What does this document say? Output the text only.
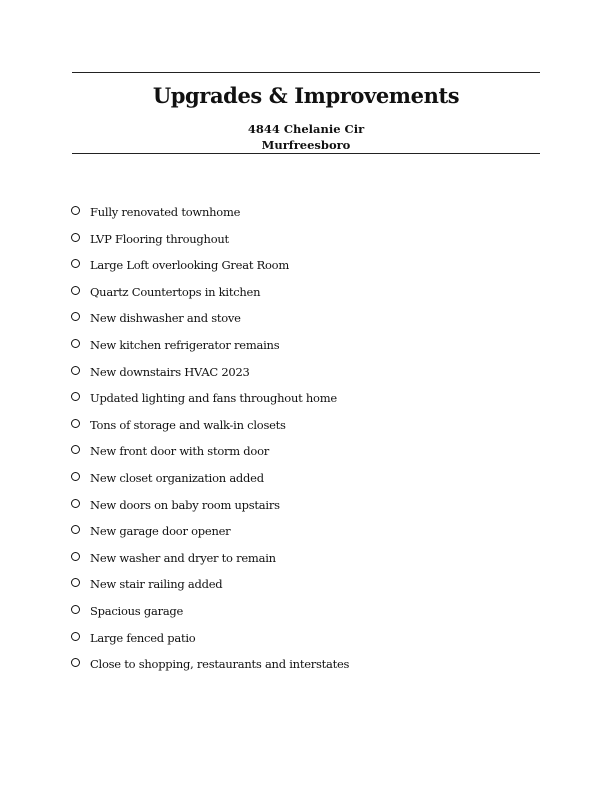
Upgrades & Improvements

4844 Chelanie Cir

Murfreesboro

Fully renovated townhome
LVP Flooring throughout
Large Loft overlooking Great Room
Quartz Countertops in kitchen
New dishwasher and stove
New kitchen refrigerator remains
New downstairs HVAC 2023
Updated lighting and fans throughout home
Tons of storage and walk-in closets
New front door with storm door
New closet organization added
New doors on baby room upstairs
New garage door opener
New washer and dryer to remain
New stair railing added
Spacious garage
Large fenced patio
Close to shopping, restaurants and interstates
